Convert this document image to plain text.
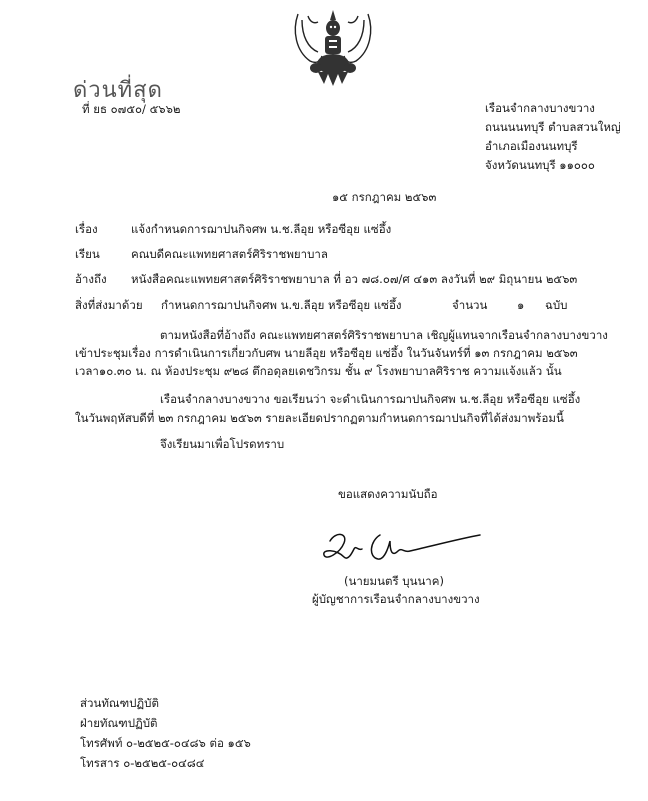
ด่วนที่สุด
ที่ ยธ ๐๗๕๐/ ๕๖๖๒	เรือนจำกลางบางขวาง
ถนนนนทบุรี ตำบลสวนใหญ่
อำเภอเมืองนนทบุรี
จังหวัดนนทบุรี ๑๑๐๐๐
๑๕ กรกฎาคม ๒๕๖๓
เรื่อง	แจ้งกำหนดการฌาปนกิจศพ น.ช.ลีอุย หรือซีอุย แซ่อึ้ง
เรียน	คณบดีคณะแพทยศาสตร์ศิริราชพยาบาล
อ้างถึง หนังสือคณะแพทยศาสตร์ศิริราชพยาบาล ที่ อว ๗๘.๐๗/ศ ๔๑๓ ลงวันที่ ๒๙ มิถุนายน ๒๕๖๓
สิ่งที่ส่งมาด้วย กำหนดการฌาปนกิจศพ น.ข.ลีอุย หรือซีอุย แซ่อึ้ง	จำนวน	๑ ฉบับ
ตามหนังสือที่อ้างถึง คณะแพทยศาสตร์ศิริราชพยาบาล เชิญผู้แทนจากเรือนจำกลางบางขวาง
เข้าประชุมเรื่อง การดำเนินการเกี่ยวกับศพ นายลีอุย หรือซีอุย แซ่อึ้ง ในวันจันทร์ที่ ๑๓ กรกฎาคม ๒๕๖๓
เวลา๑๐.๓๐ น. ณ ห้องประชุม ๙๒๘ ตึกอดุลยเดชวิกรม ชั้น ๙ โรงพยาบาลศิริราช ความแจ้งแล้ว นั้น
เรือนจำกลางบางขวาง ขอเรียนว่า จะดำเนินการฌาปนกิจศพ น.ช.ลีอุย หรือซีอุย แซ่อึ้ง
ในวันพฤหัสบดีที่ ๒๓ กรกฎาคม ๒๕๖๓ รายละเอียดปรากฏตามกำหนดการฌาปนกิจที่ได้ส่งมาพร้อมนี้
จึงเรียนมาเพื่อโปรดทราบ
ขอแสดงความนับถือ
(นายมนตรี บุนนาค)
ผู้บัญชาการเรือนจำกลางบางขวาง
ส่วนทัณฑปฏิบัติ
ฝ่ายทัณฑปฏิบัติ
โทรศัพท์ ๐-๒๕๒๕-๐๔๘๖ ต่อ ๑๕๖
โทรสาร ๐-๒๕๒๕-๐๔๘๔
